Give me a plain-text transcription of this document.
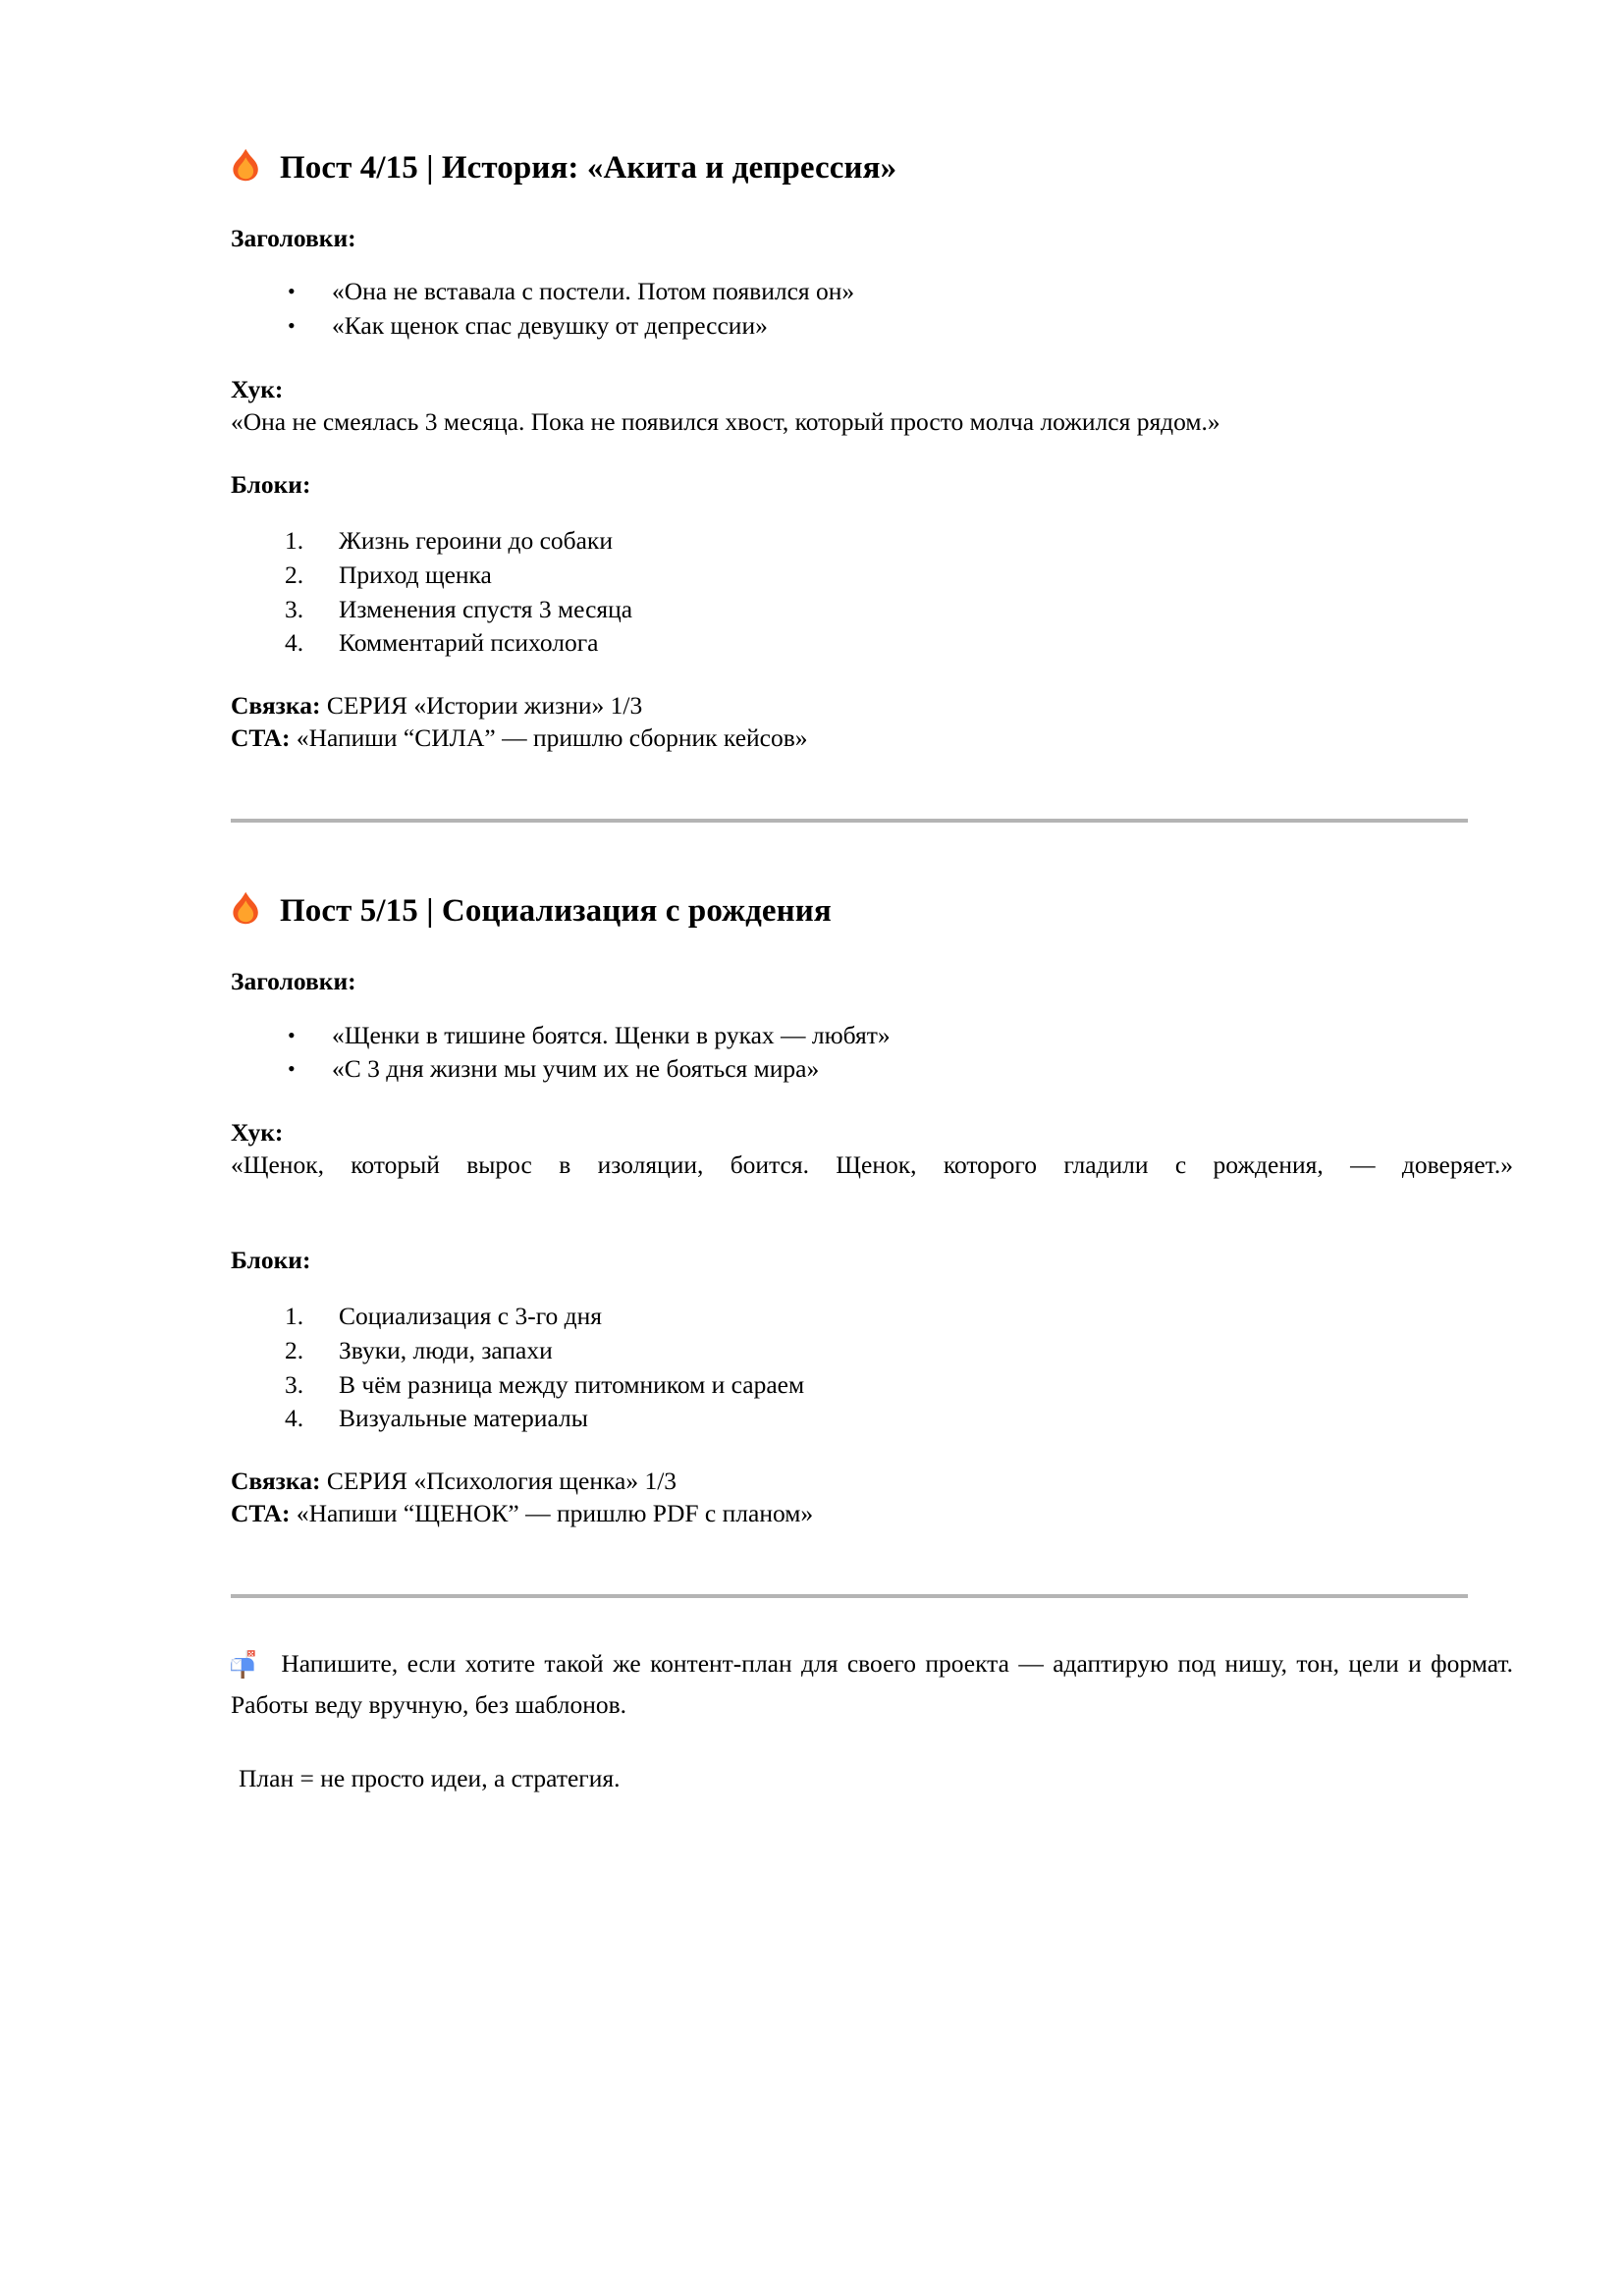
Пост 4/15 | История: «Акита и депрессия»

Заголовки:

•	«Она не вставала с постели. Потом появился он»
•	«Как щенок спас девушку от депрессии»

Хук:

«Она не смеялась 3 месяца. Пока не появился хвост, который просто молча ложился рядом.»

Блоки:

1.	Жизнь героини до собаки
2.	Приход щенка
3.	Изменения спустя 3 месяца
4.	Комментарий психолога

Связка: СЕРИЯ «Истории жизни» 1/3

CTA: «Напиши “СИЛА” — пришлю сборник кейсов»

Пост 5/15 | Социализация с рождения

Заголовки:

•	«Щенки в тишине боятся. Щенки в руках — любят»
•	«С 3 дня жизни мы учим их не бояться мира»

Хук:

«Щенок, который вырос в изоляции, боится. Щенок, которого гладили с рождения, — доверяет.»

Блоки:

1.	Социализация с 3-го дня
2.	Звуки, люди, запахи
3.	В чём разница между питомником и сараем
4.	Визуальные материалы

Связка: СЕРИЯ «Психология щенка» 1/3

CTA: «Напиши “ЩЕНОК” — пришлю PDF с планом»

Напишите, если хотите такой же контент-план для своего проекта — адаптирую под нишу, тон, цели и формат. Работы веду вручную, без шаблонов.

План = не просто идеи, а стратегия.
